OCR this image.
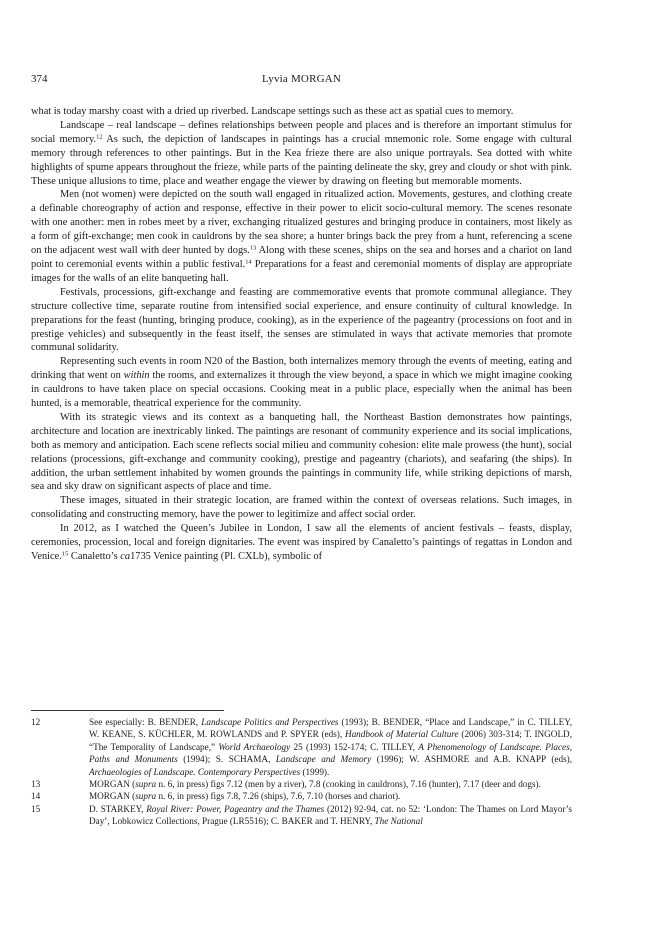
374	Lyvia MORGAN

what is today marshy coast with a dried up riverbed. Landscape settings such as these act as spatial cues to memory.

Landscape – real landscape – defines relationships between people and places and is therefore an important stimulus for social memory.$^{12}$ As such, the depiction of landscapes in paintings has a crucial mnemonic role. Some engage with cultural memory through references to other paintings. But in the Kea frieze there are also unique portrayals. Sea dotted with white highlights of spume appears throughout the frieze, while parts of the painting delineate the sky, grey and cloudy or shot with pink. These unique allusions to time, place and weather engage the viewer by drawing on fleeting but memorable moments.

Men (not women) were depicted on the south wall engaged in ritualized action. Movements, gestures, and clothing create a definable choreography of action and response, effective in their power to elicit socio-cultural memory. The scenes resonate with one another: men in robes meet by a river, exchanging ritualized gestures and bringing produce in containers, most likely as a form of gift-exchange; men cook in cauldrons by the sea shore; a hunter brings back the prey from a hunt, referencing a scene on the adjacent west wall with deer hunted by dogs.$^{13}$ Along with these scenes, ships on the sea and horses and a chariot on land point to ceremonial events within a public festival.$^{14}$ Preparations for a feast and ceremonial moments of display are appropriate images for the walls of an elite banqueting hall.

Festivals, processions, gift-exchange and feasting are commemorative events that promote communal allegiance. They structure collective time, separate routine from intensified social experience, and ensure continuity of cultural knowledge. In preparations for the feast (hunting, bringing produce, cooking), as in the experience of the pageantry (processions on foot and in prestige vehicles) and subsequently in the feast itself, the senses are stimulated in ways that activate memories that promote communal solidarity.

Representing such events in room N20 of the Bastion, both internalizes memory through the events of meeting, eating and drinking that went on within the rooms, and externalizes it through the view beyond, a space in which we might imagine cooking in cauldrons to have taken place on special occasions. Cooking meat in a public place, especially when the animal has been hunted, is a memorable, theatrical experience for the community.

With its strategic views and its context as a banqueting hall, the Northeast Bastion demonstrates how paintings, architecture and location are inextricably linked. The paintings are resonant of community experience and its social implications, both as memory and anticipation. Each scene reflects social milieu and community cohesion: elite male prowess (the hunt), social relations (processions, gift-exchange and community cooking), prestige and pageantry (chariots), and seafaring (the ships). In addition, the urban settlement inhabited by women grounds the paintings in community life, while striking depictions of marsh, sea and sky draw on significant aspects of place and time.

These images, situated in their strategic location, are framed within the context of overseas relations. Such images, in consolidating and constructing memory, have the power to legitimize and affect social order.

In 2012, as I watched the Queen’s Jubilee in London, I saw all the elements of ancient festivals – feasts, display, ceremonies, procession, local and foreign dignitaries. The event was inspired by Canaletto’s paintings of regattas in London and Venice.$^{15}$ Canaletto’s ca1735 Venice painting (Pl. CXLb), symbolic of

12	See especially: B. BENDER, Landscape Politics and Perspectives (1993); B. BENDER, “Place and Landscape,” in C. TILLEY, W. KEANE, S. KÜCHLER, M. ROWLANDS and P. SPYER (eds), Handbook of Material Culture (2006) 303-314; T. INGOLD, “The Temporality of Landscape,” World Archaeology 25 (1993) 152-174; C. TILLEY, A Phenomenology of Landscape. Places, Paths and Monuments (1994); S. SCHAMA, Landscape and Memory (1996); W. ASHMORE and A.B. KNAPP (eds), Archaeologies of Landscape. Contemporary Perspectives (1999).
13	MORGAN (supra n. 6, in press) figs 7.12 (men by a river), 7.8 (cooking in cauldrons), 7.16 (hunter), 7.17 (deer and dogs).
14	MORGAN (supra n. 6, in press) figs 7.8, 7.26 (ships), 7.6, 7.10 (horses and chariot).
15	D. STARKEY, Royal River: Power, Pageantry and the Thames (2012) 92-94, cat. no 52: ‘London: The Thames on Lord Mayor’s Day’, Lobkowicz Collections, Prague (LR5516); C. BAKER and T. HENRY, The National
